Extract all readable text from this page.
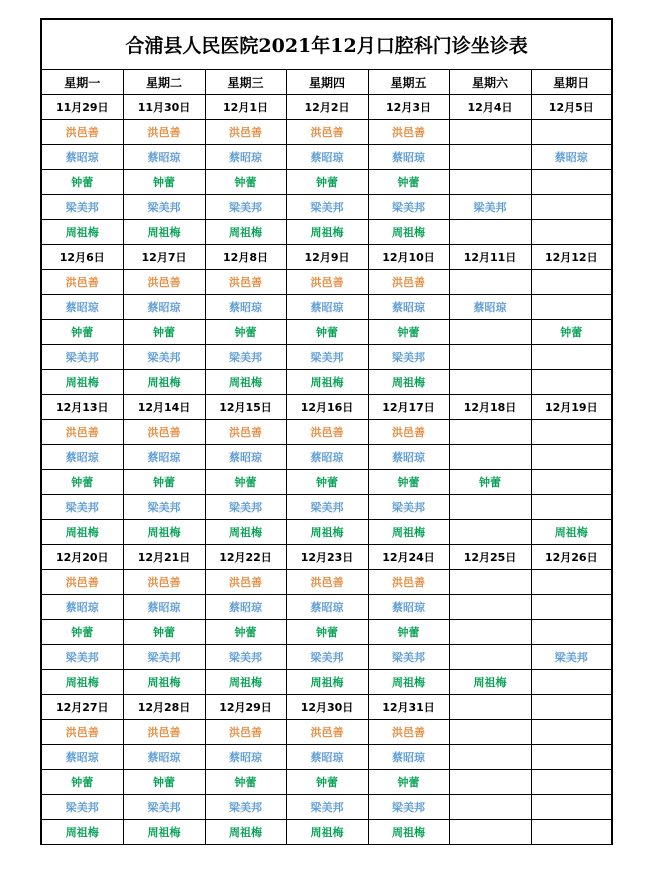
合浦县人民医院2021年12月口腔科门诊坐诊表						
星期一	星期二	星期三	星期四	星期五	星期六	星期日
11月29日	11月30日	12月1日	12月2日	12月3日	12月4日	12月5日
洪邑善	洪邑善	洪邑善	洪邑善	洪邑善		
蔡昭琼	蔡昭琼	蔡昭琼	蔡昭琼	蔡昭琼		蔡昭琼
钟蕾	钟蕾	钟蕾	钟蕾	钟蕾		
梁美邦	梁美邦	梁美邦	梁美邦	梁美邦	梁美邦	
周祖梅	周祖梅	周祖梅	周祖梅	周祖梅		
12月6日	12月7日	12月8日	12月9日	12月10日	12月11日	12月12日
洪邑善	洪邑善	洪邑善	洪邑善	洪邑善		
蔡昭琼	蔡昭琼	蔡昭琼	蔡昭琼	蔡昭琼	蔡昭琼	
钟蕾	钟蕾	钟蕾	钟蕾	钟蕾		钟蕾
梁美邦	梁美邦	梁美邦	梁美邦	梁美邦		
周祖梅	周祖梅	周祖梅	周祖梅	周祖梅		
12月13日	12月14日	12月15日	12月16日	12月17日	12月18日	12月19日
洪邑善	洪邑善	洪邑善	洪邑善	洪邑善		
蔡昭琼	蔡昭琼	蔡昭琼	蔡昭琼	蔡昭琼		
钟蕾	钟蕾	钟蕾	钟蕾	钟蕾	钟蕾	
梁美邦	梁美邦	梁美邦	梁美邦	梁美邦		
周祖梅	周祖梅	周祖梅	周祖梅	周祖梅		周祖梅
12月20日	12月21日	12月22日	12月23日	12月24日	12月25日	12月26日
洪邑善	洪邑善	洪邑善	洪邑善	洪邑善		
蔡昭琼	蔡昭琼	蔡昭琼	蔡昭琼	蔡昭琼		
钟蕾	钟蕾	钟蕾	钟蕾	钟蕾		
梁美邦	梁美邦	梁美邦	梁美邦	梁美邦		梁美邦
周祖梅	周祖梅	周祖梅	周祖梅	周祖梅	周祖梅	
12月27日	12月28日	12月29日	12月30日	12月31日		
洪邑善	洪邑善	洪邑善	洪邑善	洪邑善		
蔡昭琼	蔡昭琼	蔡昭琼	蔡昭琼	蔡昭琼		
钟蕾	钟蕾	钟蕾	钟蕾	钟蕾		
梁美邦	梁美邦	梁美邦	梁美邦	梁美邦		
周祖梅	周祖梅	周祖梅	周祖梅	周祖梅		
